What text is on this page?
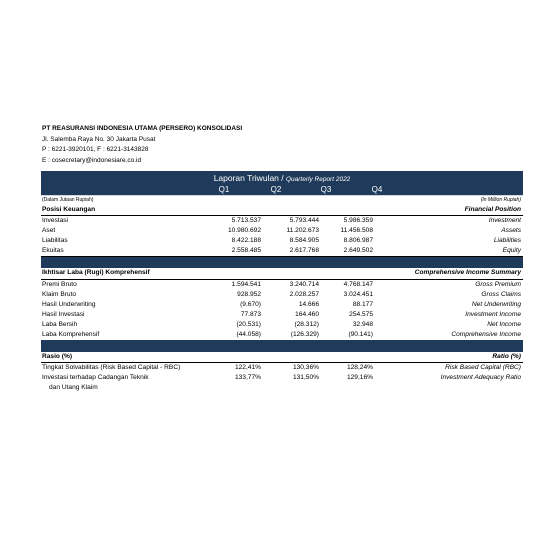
PT REASURANSI INDONESIA UTAMA (PERSERO) KONSOLIDASI
Jl. Salemba Raya No. 30 Jakarta Pusat
P : 6221-3920101, F : 6221-3143828
E : cosecretary@indonesiare.co.id
Laporan Triwulan / Quarterly Report 2022
Q1	Q2	Q3	Q4
(Dalam Jutaan Rupiah)	(In Million Rupiah)
Posisi Keuangan	Financial Position
Investasi	5.713.537	5.793.444	5.986.359	Investment
Aset	10.980.692	11.202.673	11.456.508	Assets
Liabilitas	8.422.188	8.584.905	8.806.987	Liabilities
Ekuitas	2.558.485	2.617.768	2.649.502	Equity
Ikhtisar Laba (Rugi) Komprehensif	Comprehensive Income Summary
Premi Bruto	1.594.541	3.240.714	4.768.147	Gross Premium
Klaim Bruto	928.952	2.028.257	3.024.451	Gross Claims
Hasil Underwriting	(9.670)	14.666	88.177	Net Underwriting
Hasil Investasi	77.873	164.460	254.575	Investment Income
Laba Bersih	(20.531)	(28.312)	32.948	Net Income
Laba Komprehensif	(44.058)	(126.329)	(90.141)	Comprehensive Income
Rasio (%)	Ratio (%)
Tingkat Solvabilitas (Risk Based Capital - RBC)	122,41%	130,36%	128,24%	Risk Based Capital (RBC)
Investasi terhadap Cadangan Teknik	133,77%	131,50%	129,16%	Investment Adequacy Ratio
dan Utang Klaim
